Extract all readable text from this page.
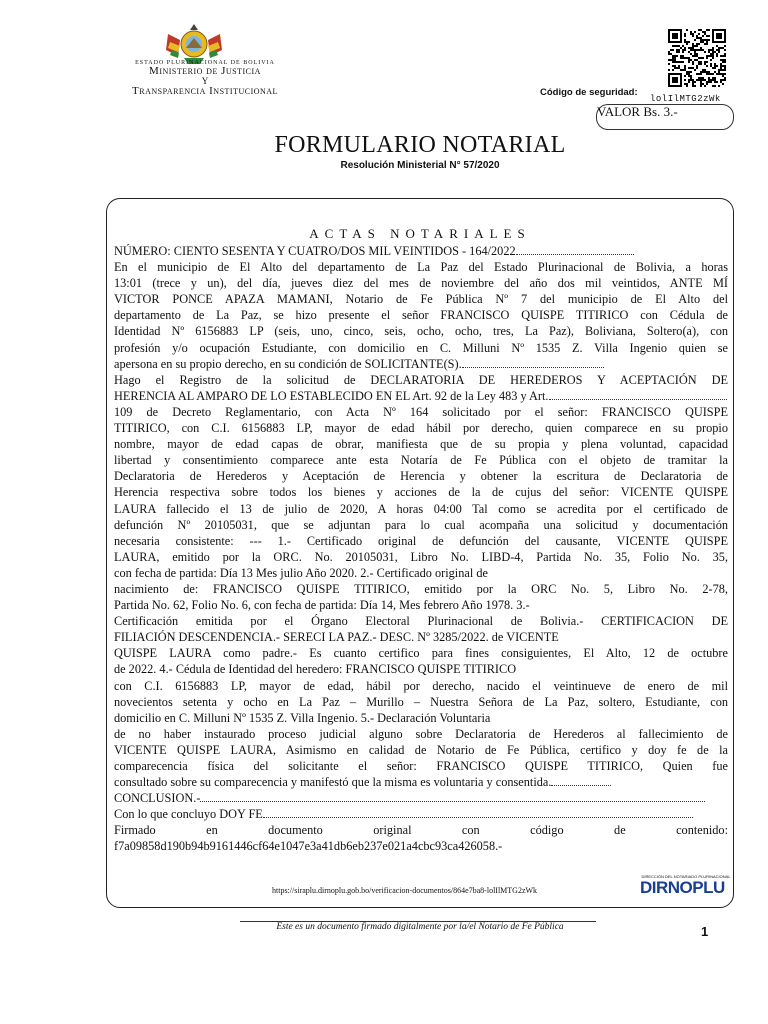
ESTADO PLURINACIONAL DE BOLIVIA
Ministerio de Justicia
Y
Transparencia Institucional	Código de seguridad:
lolIlMTG2zWk
VALOR Bs. 3.-
FORMULARIO NOTARIAL
Resolución Ministerial N° 57/2020
ACTAS NOTARIALES

NÚMERO: CIENTO SESENTA Y CUATRO/DOS MIL VEINTIDOS - 164/2022

En el municipio de El Alto del departamento de La Paz del Estado Plurinacional de Bolivia, a horas

13:01 (trece y un), del día, jueves diez del mes de noviembre del año dos mil veintidos, ANTE MÍ

VICTOR PONCE APAZA MAMANI, Notario de Fe Pública Nº 7 del municipio de El Alto del

departamento de La Paz, se hizo presente el señor FRANCISCO QUISPE TITIRICO con Cédula de

Identidad Nº 6156883 LP (seis, uno, cinco, seis, ocho, ocho, tres, La Paz), Boliviana, Soltero(a), con

profesión y/o ocupación Estudiante, con domicilio en C. Milluni Nº 1535 Z. Villa Ingenio quien se

apersona en su propio derecho, en su condición de SOLICITANTE(S).

Hago el Registro de la solicitud de DECLARATORIA DE HEREDEROS Y ACEPTACIÓN DE

HERENCIA AL AMPARO DE LO ESTABLECIDO EN EL Art. 92 de la Ley 483 y Art.

109 de Decreto Reglamentario, con Acta Nº 164 solicitado por el señor: FRANCISCO QUISPE

TITIRICO, con C.I. 6156883 LP, mayor de edad hábil por derecho, quien comparece en su propio

nombre, mayor de edad capas de obrar, manifiesta que de su propia y plena voluntad, capacidad

libertad y consentimiento comparece ante esta Notaría de Fe Pública con el objeto de tramitar la

Declaratoria de Herederos y Aceptación de Herencia y obtener la escritura de Declaratoria de

Herencia respectiva sobre todos los bienes y acciones de la de cujus del señor: VICENTE QUISPE

LAURA fallecido el 13 de julio de 2020, A horas 04:00 Tal como se acredita por el certificado de

defunción Nº 20105031, que se adjuntan para lo cual acompaña una solicitud y documentación

necesaria consistente: --- 1.- Certificado original de defunción del causante, VICENTE QUISPE

LAURA, emitido por la ORC. No. 20105031, Libro No. LIBD-4, Partida No. 35, Folio No. 35,

con fecha de partida: Día 13 Mes julio Año 2020. 2.- Certificado original de

nacimiento de: FRANCISCO QUISPE TITIRICO, emitido por la ORC No. 5, Libro No. 2-78,

Partida No. 62, Folio No. 6, con fecha de partida: Día 14, Mes febrero Año 1978. 3.-

Certificación emitida por el Órgano Electoral Plurinacional de Bolivia.- CERTIFICACION DE

FILIACIÓN DESCENDENCIA.- SERECI LA PAZ.- DESC. Nº 3285/2022. de VICENTE

QUISPE LAURA como padre.- Es cuanto certifico para fines consiguientes, El Alto, 12 de octubre

de 2022. 4.- Cédula de Identidad del heredero: FRANCISCO QUISPE TITIRICO

con C.I. 6156883 LP, mayor de edad, hábil por derecho, nacido el veintinueve de enero de mil

novecientos setenta y ocho en La Paz – Murillo – Nuestra Señora de La Paz, soltero, Estudiante, con

domicilio en C. Milluni Nº 1535 Z. Villa Ingenio. 5.- Declaración Voluntaria

de no haber instaurado proceso judicial alguno sobre Declaratoria de Herederos al fallecimiento de

VICENTE QUISPE LAURA, Asimismo en calidad de Notario de Fe Pública, certifico y doy fe de la

comparecencia física del solicitante el señor: FRANCISCO QUISPE TITIRICO, Quien fue

consultado sobre su comparecencia y manifestó que la misma es voluntaria y consentida.

CONCLUSION.-

Con lo que concluyo DOY FE

Firmado en documento original con código de contenido:

f7a09858d190b94b9161446cf64e1047e3a41db6eb237e021a4cbc93ca426058.-

https://siraplu.dirnoplu.gob.bo/verificacion-documentos/864e7ba8-lolIlMTG2zWk
DIRECCIÓN DEL NOTARIADO PLURINACIONAL
DIRNOPLU
Este es un documento firmado digitalmente por la/el Notario de Fe Pública	1
